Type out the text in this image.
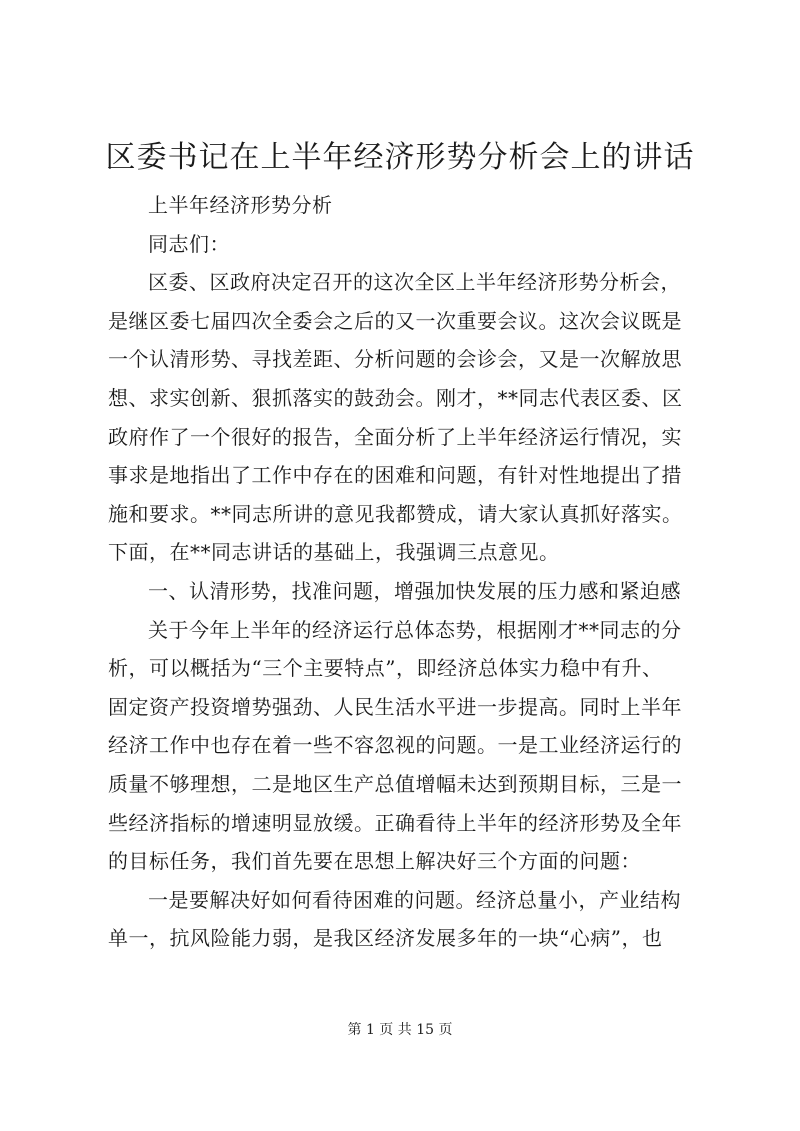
区委书记在上半年经济形势分析会上的讲话
上半年经济形势分析
同志们：
区委、区政府决定召开的这次全区上半年经济形势分析会，
是继区委七届四次全委会之后的又一次重要会议。这次会议既是
一个认清形势、寻找差距、分析问题的会诊会，又是一次解放思
想、求实创新、狠抓落实的鼓劲会。刚才，**同志代表区委、区
政府作了一个很好的报告，全面分析了上半年经济运行情况，实
事求是地指出了工作中存在的困难和问题，有针对性地提出了措
施和要求。**同志所讲的意见我都赞成，请大家认真抓好落实。
下面，在**同志讲话的基础上，我强调三点意见。
一、认清形势，找准问题，增强加快发展的压力感和紧迫感
关于今年上半年的经济运行总体态势，根据刚才**同志的分
析，可以概括为“三个主要特点”，即经济总体实力稳中有升、
固定资产投资增势强劲、人民生活水平进一步提高。同时上半年
经济工作中也存在着一些不容忽视的问题。一是工业经济运行的
质量不够理想，二是地区生产总值增幅未达到预期目标，三是一
些经济指标的增速明显放缓。正确看待上半年的经济形势及全年
的目标任务，我们首先要在思想上解决好三个方面的问题：
一是要解决好如何看待困难的问题。经济总量小，产业结构
单一，抗风险能力弱，是我区经济发展多年的一块“心病”，也
第 1 页 共 15 页
